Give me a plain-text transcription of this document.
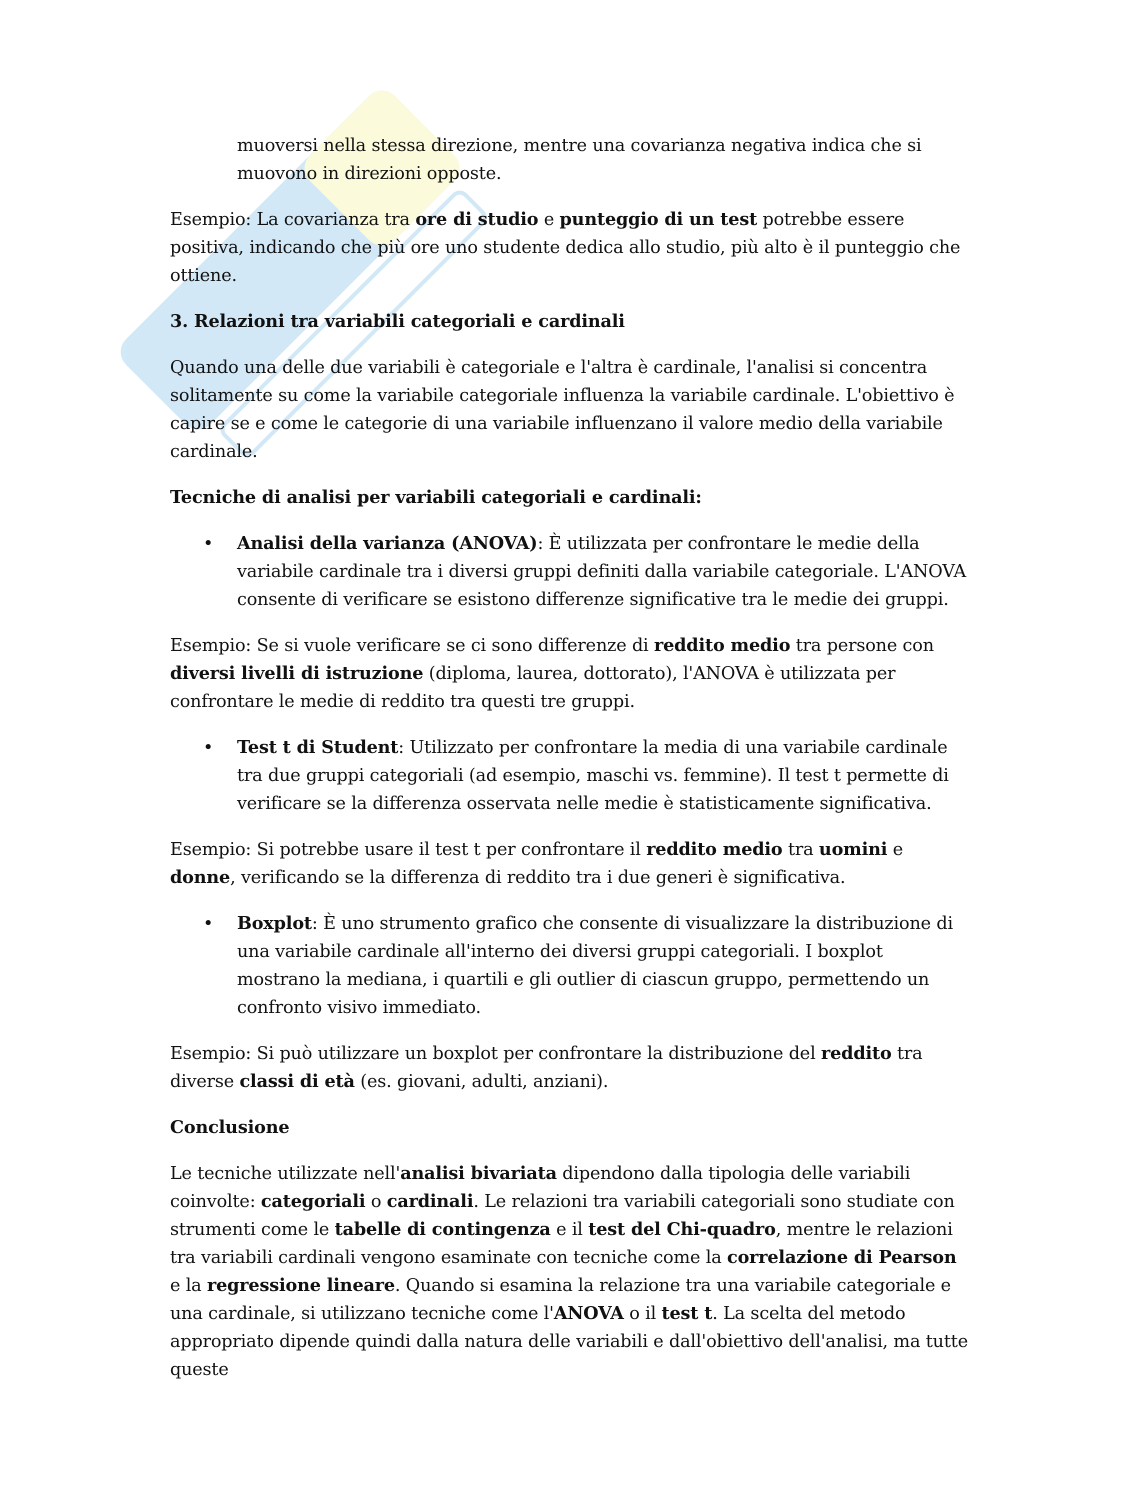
muoversi nella stessa direzione, mentre una covarianza negativa indica che si muovono in direzioni opposte.

Esempio: La covarianza tra ore di studio e punteggio di un test potrebbe essere positiva, indicando che più ore uno studente dedica allo studio, più alto è il punteggio che ottiene.

3. Relazioni tra variabili categoriali e cardinali

Quando una delle due variabili è categoriale e l'altra è cardinale, l'analisi si concentra solitamente su come la variabile categoriale influenza la variabile cardinale. L'obiettivo è capire se e come le categorie di una variabile influenzano il valore medio della variabile cardinale.

Tecniche di analisi per variabili categoriali e cardinali:

• Analisi della varianza (ANOVA): È utilizzata per confrontare le medie della variabile cardinale tra i diversi gruppi definiti dalla variabile categoriale. L'ANOVA consente di verificare se esistono differenze significative tra le medie dei gruppi.

Esempio: Se si vuole verificare se ci sono differenze di reddito medio tra persone con diversi livelli di istruzione (diploma, laurea, dottorato), l'ANOVA è utilizzata per confrontare le medie di reddito tra questi tre gruppi.

• Test t di Student: Utilizzato per confrontare la media di una variabile cardinale tra due gruppi categoriali (ad esempio, maschi vs. femmine). Il test t permette di verificare se la differenza osservata nelle medie è statisticamente significativa.

Esempio: Si potrebbe usare il test t per confrontare il reddito medio tra uomini e donne, verificando se la differenza di reddito tra i due generi è significativa.

• Boxplot: È uno strumento grafico che consente di visualizzare la distribuzione di una variabile cardinale all'interno dei diversi gruppi categoriali. I boxplot mostrano la mediana, i quartili e gli outlier di ciascun gruppo, permettendo un confronto visivo immediato.

Esempio: Si può utilizzare un boxplot per confrontare la distribuzione del reddito tra diverse classi di età (es. giovani, adulti, anziani).

Conclusione

Le tecniche utilizzate nell'analisi bivariata dipendono dalla tipologia delle variabili coinvolte: categoriali o cardinali. Le relazioni tra variabili categoriali sono studiate con strumenti come le tabelle di contingenza e il test del Chi-quadro, mentre le relazioni tra variabili cardinali vengono esaminate con tecniche come la correlazione di Pearson e la regressione lineare. Quando si esamina la relazione tra una variabile categoriale e una cardinale, si utilizzano tecniche come l'ANOVA o il test t. La scelta del metodo appropriato dipende quindi dalla natura delle variabili e dall'obiettivo dell'analisi, ma tutte queste
